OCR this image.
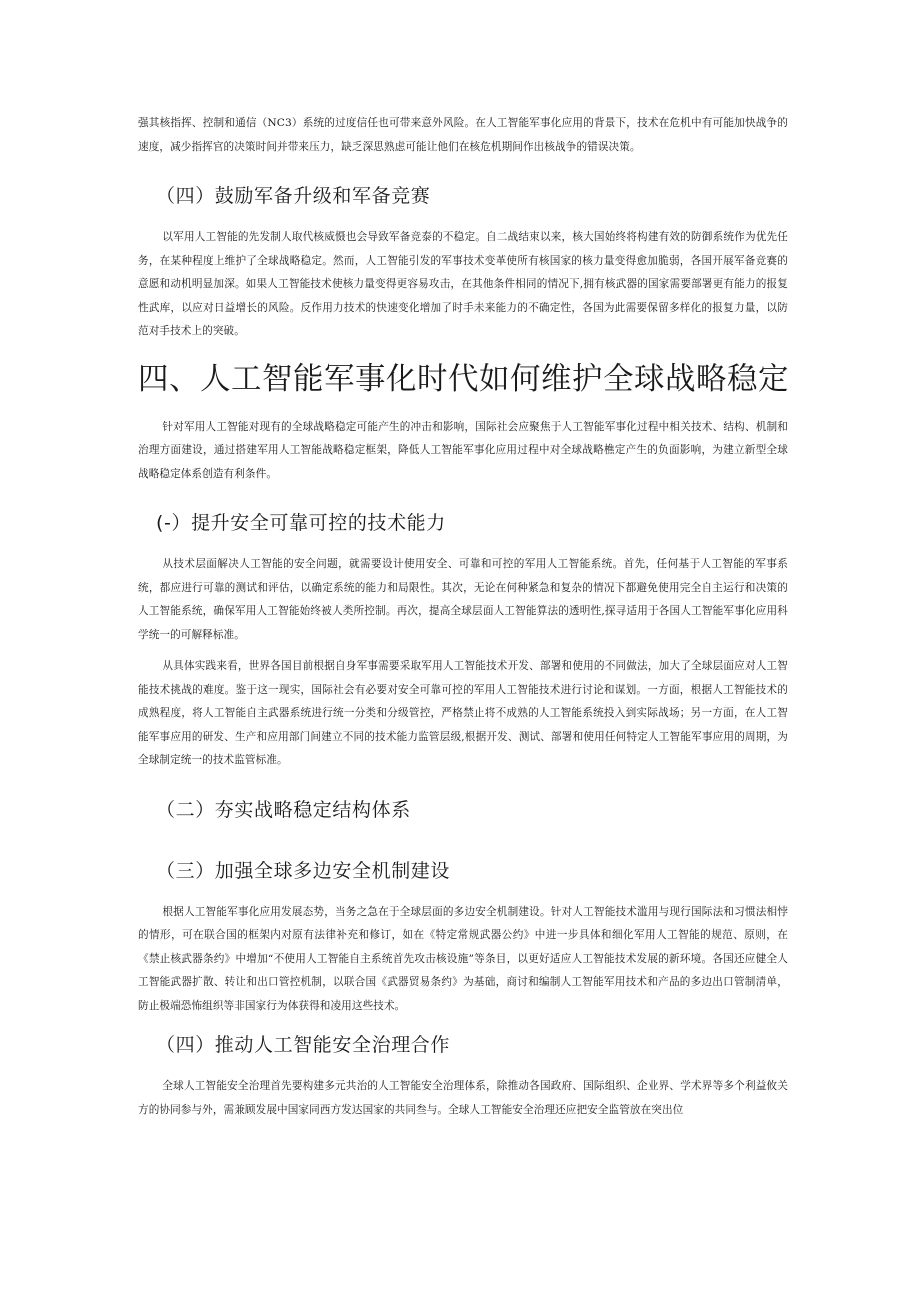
强其核指挥、控制和通信（NC3）系统的过度信任也可带来意外风险。在人工智能军事化应用的背景下，技术在危机中有可能加快战争的速度，减少指挥官的决策时间并带来压力，缺乏深思熟虑可能让他们在核危机期间作出核战争的错误决策。

（四）鼓励军备升级和军备竞赛

以军用人工智能的先发制人取代核威慑也会导致军备竞泰的不稳定。自二战结束以来，核大国始终将构建有效的防御系统作为优先任务，在某种程度上维护了全球战略稳定。然而，人工智能引发的军事技术变革使所有核国家的核力量变得愈加脆弱，各国开展军备竞赛的意愿和动机明显加深。如果人工智能技术使核力量变得更容易攻击，在其他条件相同的情况下,拥有核武器的国家需要部署更有能力的报复性武库，以应对日益增长的风险。反作用力技术的快速变化增加了时手未来能力的不确定性，各国为此需要保留多样化的报复力量，以防范对手技术上的突破。

四、人工智能军事化时代如何维护全球战略稳定

针对军用人工智能对现有的全球战略稳定可能产生的冲击和影响，国际社会应聚焦于人工智能军事化过程中相关技术、结构、机制和治理方面建设，通过搭建军用人工智能战略稳定框架，降低人工智能军事化应用过程中对全球战略樵定产生的负面影响，为建立新型全球战略稳定体系创造有利条件。

(-）提升安全可靠可控的技术能力

从技术层面解决人工智能的安全问题，就需要设计使用安全、可靠和可控的军用人工智能系统。首先，任何基于人工智能的军事系统，都应进行可靠的测试和评估，以确定系统的能力和局限性。其次，无论在何种紧急和复杂的情况下都避免使用完全自主运行和决策的人工智能系统，确保军用人工智能始终被人类所控制。再次，提高全球层面人工智能算法的透明性,探寻适用于各国人工智能军事化应用科学统一的可解释标准。

从具体实践来看，世界各国目前根据自身军事需要采取军用人工智能技术开发、部署和使用的不同做法，加大了全球层面应对人工智能技术挑战的难度。鉴于这一现实，国际社会有必要对安全可靠可控的军用人工智能技术进行讨论和谋划。一方面，根据人工智能技术的成熟程度，将人工智能自主武器系统进行统一分类和分级管控，严格禁止将不成熟的人工智能系统投入到实际战场；另一方面，在人工智能军事应用的研发、生产和应用部门间建立不同的技术能力监管层级,根据开发、测试、部署和使用任何特定人工智能军事应用的周期，为全球制定统一的技术监管标准。

（二）夯实战略稳定结构体系
（三）加强全球多边安全机制建设

根据人工智能军事化应用发展态势，当务之急在于全球层面的多边安全机制建设。针对人工智能技术滥用与现行国际法和习惯法相悖的情形，可在联合国的框架内对原有法律补充和修订，如在《特定常规武器公约》中进一步具体和细化军用人工智能的规范、原则，在《禁止核武器条约》中增加“不使用人工智能自主系统首先攻击核设施”等条目，以更好适应人工智能技术发展的新环境。各国还应健全人工智能武器扩散、转让和出口管控机制，以联合国《武器贸易条约》为基础，商讨和编制人工智能军用技术和产品的多边出口管制清单，防止极端恐怖组织等非国家行为体获得和凌用这些技术。

（四）推动人工智能安全治理合作

全球人工智能安全治理首先要构建多元共治的人工智能安全治理体系，除推动各国政府、国际组织、企业界、学术界等多个利益攸关方的协同参与外，需兼顾发展中国家同西方发达国家的共同叁与。全球人工智能安全治理还应把安全监管放在突出位
